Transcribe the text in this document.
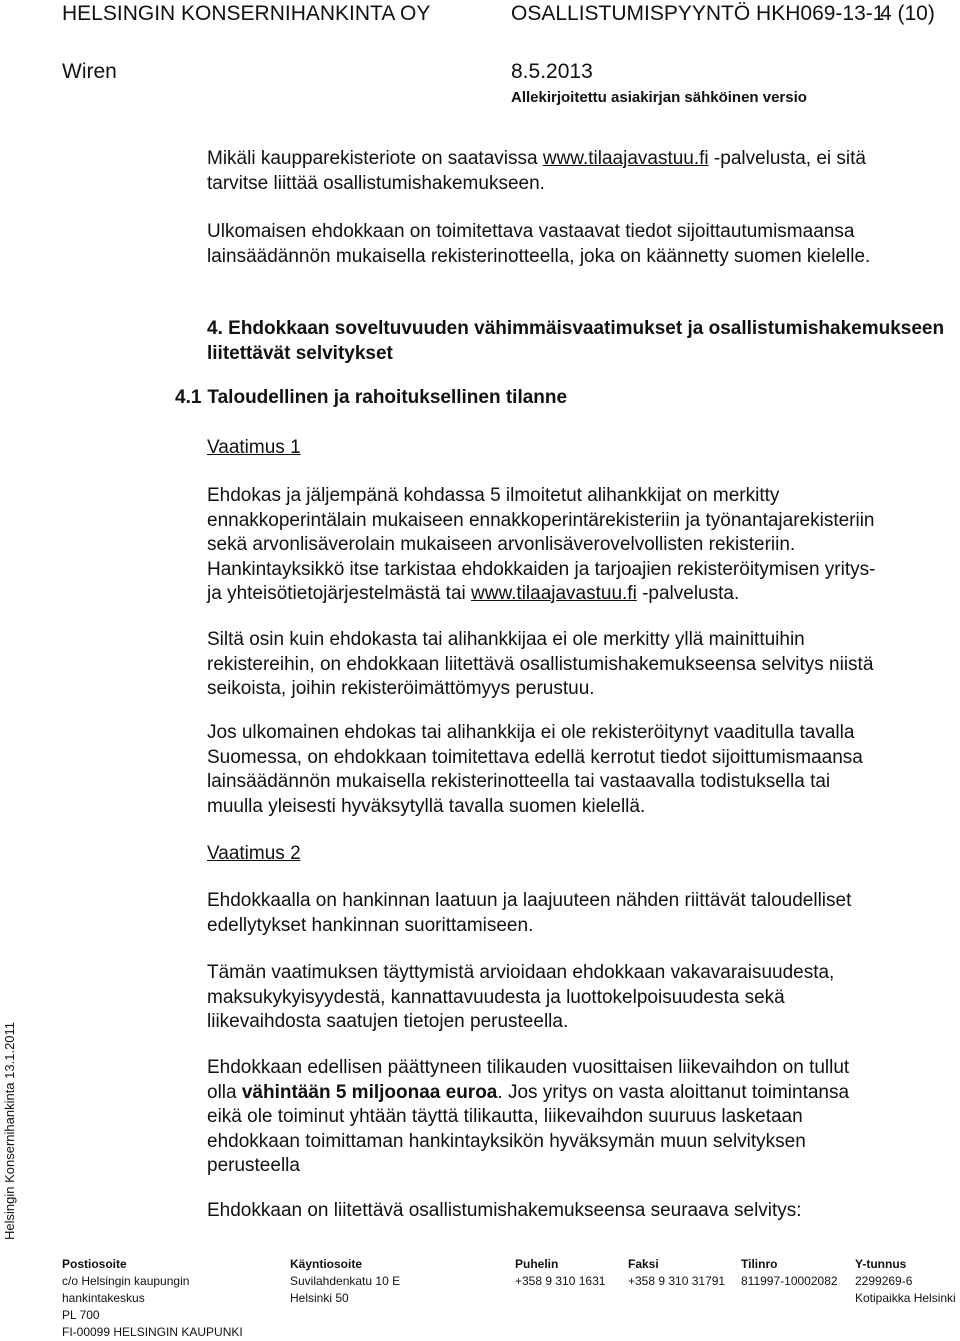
HELSINGIN KONSERNIHANKINTA OY	OSALLISTUMISPYYNTÖ HKH069-13-1
4 (10)
Wiren	8.5.2013
Allekirjoitettu asiakirjan sähköinen versio
Mikäli kaupparekisteriote on saatavissa www.tilaajavastuu.fi -palvelusta, ei sitä
tarvitse liittää osallistumishakemukseen.
Ulkomaisen ehdokkaan on toimitettava vastaavat tiedot sijoittautumismaansa
lainsäädännön mukaisella rekisterinotteella, joka on käännetty suomen kielelle.
4. Ehdokkaan soveltuvuuden vähimmäisvaatimukset ja osallistumishakemukseen
liitettävät selvitykset
4.1 Taloudellinen ja rahoituksellinen tilanne
Vaatimus 1
Ehdokas ja jäljempänä kohdassa 5 ilmoitetut alihankkijat on merkitty
ennakkoperintälain mukaiseen ennakkoperintärekisteriin ja työnantajarekisteriin
sekä arvonlisäverolain mukaiseen arvonlisäverovelvollisten rekisteriin.
Hankintayksikkö itse tarkistaa ehdokkaiden ja tarjoajien rekisteröitymisen yritys-
ja yhteisötietojärjestelmästä tai www.tilaajavastuu.fi -palvelusta.
Siltä osin kuin ehdokasta tai alihankkijaa ei ole merkitty yllä mainittuihin
rekistereihin, on ehdokkaan liitettävä osallistumishakemukseensa selvitys niistä
seikoista, joihin rekisteröimättömyys perustuu.
Jos ulkomainen ehdokas tai alihankkija ei ole rekisteröitynyt vaaditulla tavalla
Suomessa, on ehdokkaan toimitettava edellä kerrotut tiedot sijoittumismaansa
lainsäädännön mukaisella rekisterinotteella tai vastaavalla todistuksella tai
muulla yleisesti hyväksytyllä tavalla suomen kielellä.
Vaatimus 2
Ehdokkaalla on hankinnan laatuun ja laajuuteen nähden riittävät taloudelliset
edellytykset hankinnan suorittamiseen.
Tämän vaatimuksen täyttymistä arvioidaan ehdokkaan vakavaraisuudesta,
maksukykyisyydestä, kannattavuudesta ja luottokelpoisuudesta sekä
liikevaihdosta saatujen tietojen perusteella.
Ehdokkaan edellisen päättyneen tilikauden vuosittaisen liikevaihdon on tullut
olla vähintään 5 miljoonaa euroa. Jos yritys on vasta aloittanut toimintansa
eikä ole toiminut yhtään täyttä tilikautta, liikevaihdon suuruus lasketaan
ehdokkaan toimittaman hankintayksikön hyväksymän muun selvityksen
perusteella
Ehdokkaan on liitettävä osallistumishakemukseensa seuraava selvitys:
Helsingin Konsernihankinta 13.1.2011
Postiosoite
c/o Helsingin kaupungin
hankintakeskus
PL 700
FI-00099 HELSINGIN KAUPUNKI
Käyntiosoite
Suvilahdenkatu 10 E
Helsinki 50
Puhelin
+358 9 310 1631
Faksi
+358 9 310 31791
Tilinro
811997-10002082
Y-tunnus
2299269-6
Kotipaikka Helsinki
